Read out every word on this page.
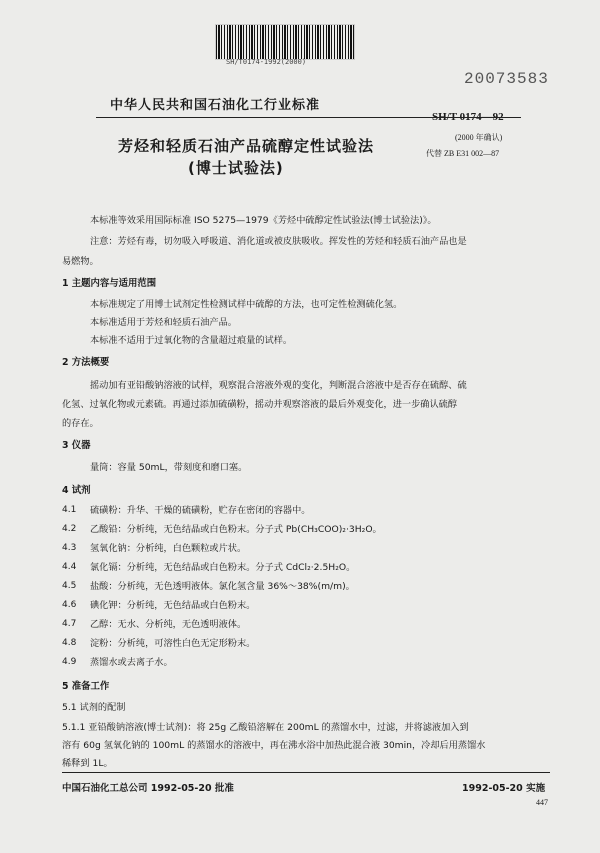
SH/T0174-1992(2000)
20073583
中华人民共和国石油化工行业标准
SH/T 0174—92
芳烃和轻质石油产品硫醇定性试验法
(博士试验法)
(2000 年确认)
代替 ZB E31 002—87
本标准等效采用国际标准 ISO 5275—1979《芳烃中硫醇定性试验法(博士试验法)》。
注意：芳烃有毒，切勿吸入呼吸道、消化道或被皮肤吸收。挥发性的芳烃和轻质石油产品也是
易燃物。
1 主题内容与适用范围
本标准规定了用博士试剂定性检测试样中硫醇的方法，也可定性检测硫化氢。
本标准适用于芳烃和轻质石油产品。
本标准不适用于过氧化物的含量超过痕量的试样。
2 方法概要
摇动加有亚铅酸钠溶液的试样，观察混合溶液外观的变化，判断混合溶液中是否存在硫醇、硫
化氢、过氧化物或元素硫。再通过添加硫磺粉，摇动并观察溶液的最后外观变化，进一步确认硫醇
的存在。
3 仪器
量筒：容量 50mL，带刻度和磨口塞。
4 试剂
4.1 硫磺粉：升华、干燥的硫磺粉，贮存在密闭的容器中。
4.2 乙酸铅：分析纯，无色结晶或白色粉末。分子式 Pb(CH₃COO)₂·3H₂O。
4.3 氢氧化钠：分析纯，白色颗粒或片状。
4.4 氯化镉：分析纯，无色结晶或白色粉末。分子式 CdCl₂·2.5H₂O。
4.5 盐酸：分析纯，无色透明液体。氯化氢含量 36%～38%(m/m)。
4.6 碘化钾：分析纯，无色结晶或白色粉末。
4.7 乙醇：无水、分析纯，无色透明液体。
4.8 淀粉：分析纯，可溶性白色无定形粉末。
4.9 蒸馏水或去离子水。
5 准备工作
5.1 试剂的配制
5.1.1 亚铅酸钠溶液(博士试剂)：将 25g 乙酸铅溶解在 200mL 的蒸馏水中，过滤，并将滤液加入到
溶有 60g 氢氧化钠的 100mL 的蒸馏水的溶液中，再在沸水浴中加热此混合液 30min，冷却后用蒸馏水
稀释到 1L。
中国石油化工总公司 1992-05-20 批准	1992-05-20 实施
447
